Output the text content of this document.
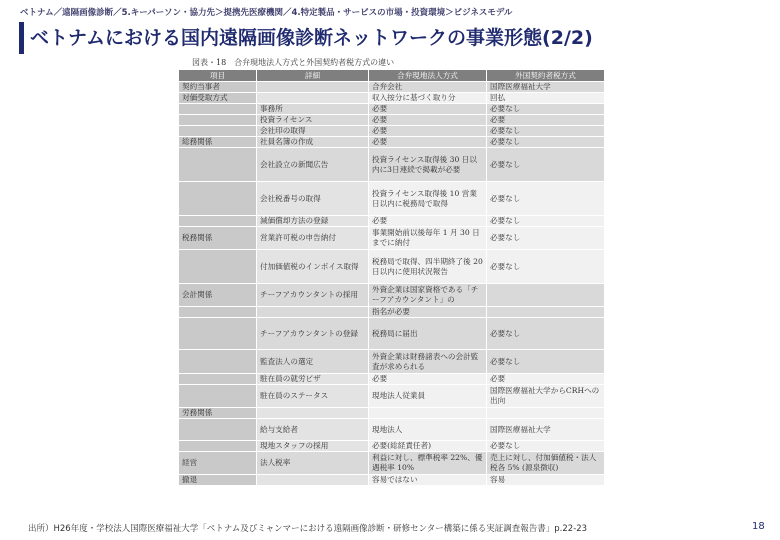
ベトナム／遠隔画像診断／5.キーパーソン・協力先＞提携先医療機関／4.特定製品・サービスの市場・投資環境＞ビジネスモデル
ベトナムにおける国内遠隔画像診断ネットワークの事業形態(2/2)
図表・18　合弁現地法人方式と外国契約者税方式の違い
項目	詳細	合弁現地法人方式	外国契約者税方式
契約当事者		合弁会社	国際医療福祉大学
対価受取方式		収入按分に基づく取り分	回払
	事務所	必要	必要なし
	投資ライセンス	必要	必要
	会社印の取得	必要	必要なし
総務関係	社員名簿の作成	必要	必要なし
	会社設立の新聞広告	投資ライセンス取得後 30 日以内に3日連続で掲載が必要	必要なし
	会社税番号の取得	投資ライセンス取得後 10 営業日以内に税務局で取得	必要なし
	減価償却方法の登録	必要	必要なし
税務関係	営業許可税の申告納付	事業開始前以後毎年 1 月 30 日までに納付	必要なし
	付加価値税のインボイス取得	税務局で取得、四半期終了後 20 日以内に使用状況報告	必要なし
会計関係	チーフアカウンタントの採用	外資企業は国家資格である「チーフアカウンタント」の	
		指名が必要	
	チーフアカウンタントの登録	税務局に届出	必要なし
	監査法人の選定	外資企業は財務諸表への会計監査が求められる	必要なし
	駐在員の就労ビザ	必要	必要
	駐在員のステータス	現地法人従業員	国際医療福祉大学からCRHへの出向
労務関係			
	給与支給者	現地法人	国際医療福祉大学
	現地スタッフの採用	必要(総経責任者)	必要なし
経営	法人税率	利益に対し、標準税率 22%、優遇税率 10%	売上に対し、付加価値税・法人税各 5% (源泉徴収)
撤退		容易ではない	容易
出所）H26年度・学校法人国際医療福祉大学「ベトナム及びミャンマーにおける遠隔画像診断・研修センター構築に係る実証調査報告書」p.22-23	18
